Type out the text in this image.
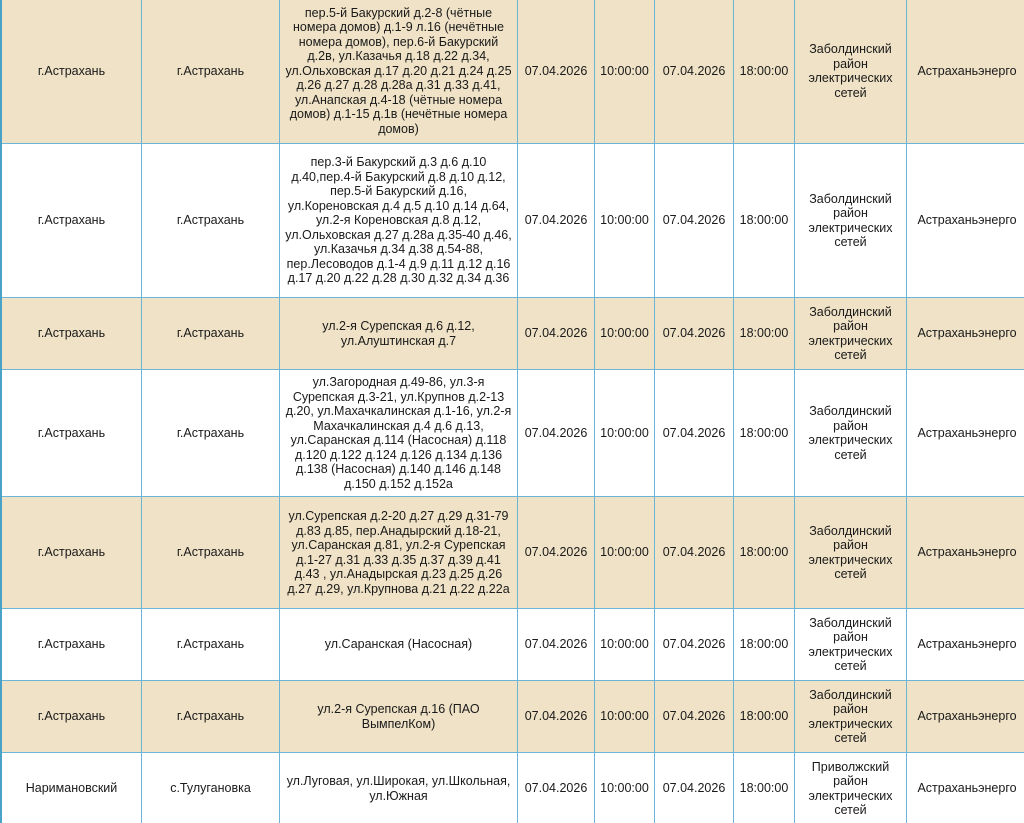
г.Астрахань	г.Астрахань	пер.5-й Бакурский д.2-8 (чётные номера домов) д.1-9 л.16 (нечётные номера домов), пер.6-й Бакурский д.2в, ул.Казачья д.18 д.22 д.34, ул.Ольховская д.17 д.20 д.21 д.24 д.25 д.26 д.27 д.28 д.28а д.31 д.33 д.41, ул.Анапская д.4-18 (чётные номера домов) д.1-15 д.1в (нечётные номера домов)	07.04.2026	10:00:00	07.04.2026	18:00:00	Заболдинский район электрических сетей	Астраханьэнерго
г.Астрахань	г.Астрахань	пер.3-й Бакурский д.3 д.6 д.10 д.40,пер.4-й Бакурский д.8 д.10 д.12, пер.5-й Бакурский д.16, ул.Кореновская д.4 д.5 д.10 д.14 д.64, ул.2-я Кореновская д.8 д.12, ул.Ольховская д.27 д.28а д.35-40 д.46, ул.Казачья д.34 д.38 д.54-88, пер.Лесоводов д.1-4 д.9 д.11 д.12 д.16 д.17 д.20 д.22 д.28 д.30 д.32 д.34 д.36	07.04.2026	10:00:00	07.04.2026	18:00:00	Заболдинский район электрических сетей	Астраханьэнерго
г.Астрахань	г.Астрахань	ул.2-я Сурепская д.6 д.12, ул.Алуштинская д.7	07.04.2026	10:00:00	07.04.2026	18:00:00	Заболдинский район электрических сетей	Астраханьэнерго
г.Астрахань	г.Астрахань	ул.Загородная д.49-86, ул.3-я Сурепская д.3-21, ул.Крупнов д.2-13 д.20, ул.Махачкалинская д.1-16, ул.2-я Махачкалинская д.4 д.6 д.13, ул.Саранская д.114 (Насосная) д.118 д.120 д.122 д.124 д.126 д.134 д.136 д.138 (Насосная) д.140 д.146 д.148 д.150 д.152 д.152а	07.04.2026	10:00:00	07.04.2026	18:00:00	Заболдинский район электрических сетей	Астраханьэнерго
г.Астрахань	г.Астрахань	ул.Сурепская д.2-20 д.27 д.29 д.31-79 д.83 д.85, пер.Анадырский д.18-21, ул.Саранская д.81, ул.2-я Сурепская д.1-27 д.31 д.33 д.35 д.37 д.39 д.41 д.43 , ул.Анадырская д.23 д.25 д.26 д.27 д.29, ул.Крупнова д.21 д.22 д.22а	07.04.2026	10:00:00	07.04.2026	18:00:00	Заболдинский район электрических сетей	Астраханьэнерго
г.Астрахань	г.Астрахань	ул.Саранская (Насосная)	07.04.2026	10:00:00	07.04.2026	18:00:00	Заболдинский район электрических сетей	Астраханьэнерго
г.Астрахань	г.Астрахань	ул.2-я Сурепская д.16 (ПАО ВымпелКом)	07.04.2026	10:00:00	07.04.2026	18:00:00	Заболдинский район электрических сетей	Астраханьэнерго
Наримановский	с.Тулугановка	ул.Луговая, ул.Широкая, ул.Школьная, ул.Южная	07.04.2026	10:00:00	07.04.2026	18:00:00	Приволжский район электрических сетей	Астраханьэнерго
